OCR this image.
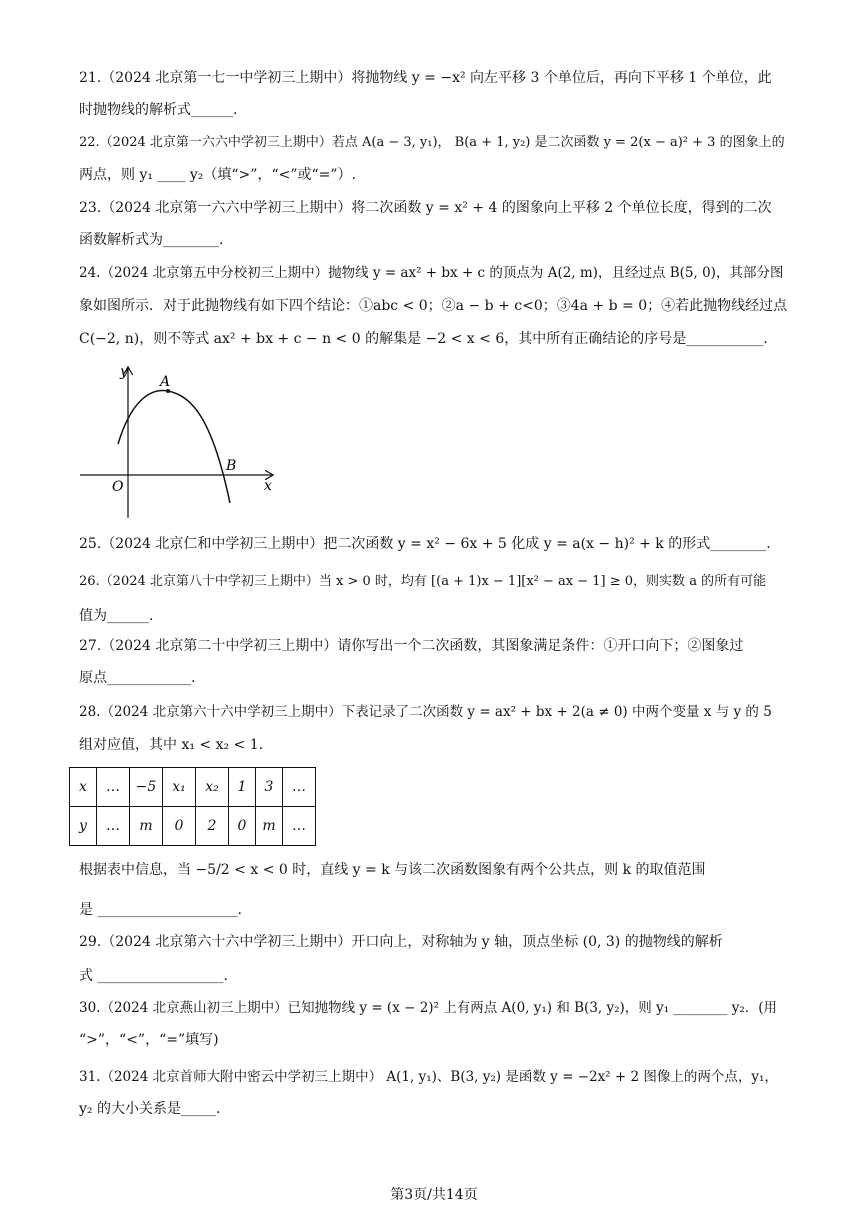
21.（2024 北京第一七一中学初三上期中）将抛物线 y = −x² 向左平移 3 个单位后，再向下平移 1 个单位，此
时抛物线的解析式______.
22.（2024 北京第一六六中学初三上期中）若点 A(a − 3, y₁)， B(a + 1, y₂) 是二次函数 y = 2(x − a)² + 3 的图象上的
两点，则 y₁ ____ y₂（填“>”，“<”或“=”）.
23.（2024 北京第一六六中学初三上期中）将二次函数 y = x² + 4 的图象向上平移 2 个单位长度，得到的二次
函数解析式为________.
24.（2024 北京第五中分校初三上期中）抛物线 y = ax² + bx + c 的顶点为 A(2, m)，且经过点 B(5, 0)，其部分图
象如图所示．对于此抛物线有如下四个结论：①abc < 0；②a − b + c<0；③4a + b = 0；④若此抛物线经过点
C(−2, n)，则不等式 ax² + bx + c − n < 0 的解集是 −2 < x < 6，其中所有正确结论的序号是___________.
y
x
O
A
B
25.（2024 北京仁和中学初三上期中）把二次函数 y = x² − 6x + 5 化成 y = a(x − h)² + k 的形式________.
26.（2024 北京第八十中学初三上期中）当 x > 0 时，均有 [(a + 1)x − 1][x² − ax − 1] ≥ 0，则实数 a 的所有可能
值为______.
27.（2024 北京第二十中学初三上期中）请你写出一个二次函数，其图象满足条件：①开口向下；②图象过
原点____________.
28.（2024 北京第六十六中学初三上期中）下表记录了二次函数 y = ax² + bx + 2(a ≠ 0) 中两个变量 x 与 y 的 5
组对应值，其中 x₁ < x₂ < 1.
x	…	−5	x₁	x₂	1	3	…
y	…	m	0	2	0	m	…
根据表中信息，当 −5/2 < x < 0 时，直线 y = k 与该二次函数图象有两个公共点，则 k 的取值范围
是 ____________________.
29.（2024 北京第六十六中学初三上期中）开口向上，对称轴为 y 轴，顶点坐标 (0, 3) 的抛物线的解析
式 __________________.
30.（2024 北京燕山初三上期中）已知抛物线 y = (x − 2)² 上有两点 A(0, y₁) 和 B(3, y₂)，则 y₁ ________ y₂．(用
“>”，“<”，“=”填写)
31.（2024 北京首师大附中密云中学初三上期中） A(1, y₁)、B(3, y₂) 是函数 y = −2x² + 2 图像上的两个点，y₁，
y₂ 的大小关系是_____.
第3页/共14页
